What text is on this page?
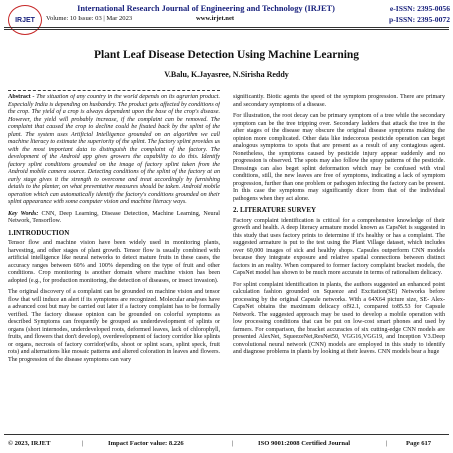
IRJET
International Research Journal of Engineering and Technology (IRJET)	e-ISSN: 2395-0056
Volume: 10 Issue: 03 | Mar 2023	www.irjet.net	p-ISSN: 2395-0072
Plant Leaf Disease Detection Using Machine Learning
V.Balu, K.Jayasree, N.Sirisha Reddy

Abstract - The situation of any country in the world depends on its agrarian product. Especially India is depending on husbandry. The product gets affected by conditions of the crop. The yield of a crop is always dependent upon the base of the crop's disease. However, the yield will probably increase, if the complaint can be removed. The complaint that caused the crop to decline could be fixated back by the splint of the plant. The system uses Artificial Intelligence grounded on an algorithm we call machine literacy to estimate the superiority of the splint. The factory splint provides us with the most important data to distinguish the complaint of the factory. The development of the Android app gives growers the capability to do this. Identify factory splint conditions grounded on the image of factory splint taken from the Android mobile camera source. Detecting conditions of the splint of the factory at an early stage gives it the strength to overcome and treat accordingly by furnishing details to the planter, on what preventative measures should be taken. Android mobile operation which can automatically identify the factory's conditions grounded on their splint appearance with some computer vision and machine literacy ways.

Key Words: CNN, Deep Learning, Disease Detection, Machine Learning, Neural Network, Tensorflow.

1.INTRODUCTION

Tensor flow and machine vision have been widely used in monitoring plants, harvesting, and other stages of plant growth. Tensor flow is usually combined with artificial intelligence like neural networks to detect mature fruits in these cases, the accuracy ranges between 60% and 100% depending on the type of fruit and other conditions. Crop monitoring is another domain where machine vision has been adopted (e.g., for production monitoring, the detection of diseases, or insect invasion).

The original discovery of a complaint can be grounded on machine vision and tensor flow that will induce an alert if its symptoms are recognized. Molecular analyses have a advanced cost but may be carried out later if a factory complaint has to be formally verified. The factory disease opinion can be grounded on colorful symptoms as described Symptoms can frequently be grouped as underdevelopment of splints or organs (short internodes, underdeveloped roots, deformed leaves, lack of chlorophyll, fruits, and flowers that don't develop), overdevelopment of factory corridor like splints or organs, necrosis of factory corridor(wilts, shoot or splint scars, splint speck, fruit rots) and alternations like mosaic patterns and altered coloration in leaves and flowers. The progression of the disease symptoms can vary

significantly. Biotic agents the speed of the symptom progression. There are primary and secondary symptoms of a disease.

For illustration, the root decay can be primary symptom of a tree while the secondary symptom can be the tree tripping over. Secondary ladders that attack the tree in the after stages of the disease may obscure the original disease symptoms making the opinion more complicated. Other data like indecorous pesticide operation can beget analogous symptoms to spots that are present as a result of any contagious agent. Nonetheless, the symptoms caused by pesticide injury appear suddenly and no progression is observed. The spots may also follow the spray patterns of the pesticide. Dressings can also beget splint deformation which may be confused with viral conditions, still, the new leaves are free of symptoms, indicating a lack of symptom progression, further than one problem or pathogen infecting the factory can be present. In this case the symptoms may significantly dicer from that of the individual pathogens when they act alone.

2. LITERATURE SURVEY

Factory complaint identification is critical for a comprehensive knowledge of their growth and health. A deep literacy armature model known as CapsNet is suggested in this study that uses factory prints to determine if it's healthy or has a complaint. The suggested armature is put to the test using the Plant Village dataset, which includes over 60,000 images of sick and healthy shops. Capsules outperform CNN models because they integrate exposure and relative spatial connections between distinct factors in an reality. When compared to former factory complaint bracket models, the CapsNet model has shown to be much more accurate in terms of rationalism delicacy.

For splint complaint identification in plants, the authors suggested an enhanced point calculation fashion grounded on Squeeze and Excitation(SE) Networks before processing by the original Capsule networks. With a 64X64 picture size, SE- Alex- CapsNet obtains the maximum delicacy of92.1, compared to85.53 for Capsule Network. The suggested approach may be used to develop a mobile operation with low processing conditions that can be put on low-cost smart phones and used by farmers. For comparison, the bracket accuracies of six cutting-edge CNN models are presented AlexNet, SqueezeNet,ResNet50, VGG16,VGG19, and Inception V3.Deep convolutional neural network (CNN) models are employed in this study to identify and diagnose problems in plants by looking at their leaves. CNN models bear a huge

© 2023, IRJET	|	Impact Factor value: 8.226	|	ISO 9001:2008 Certified Journal	|	Page 617
